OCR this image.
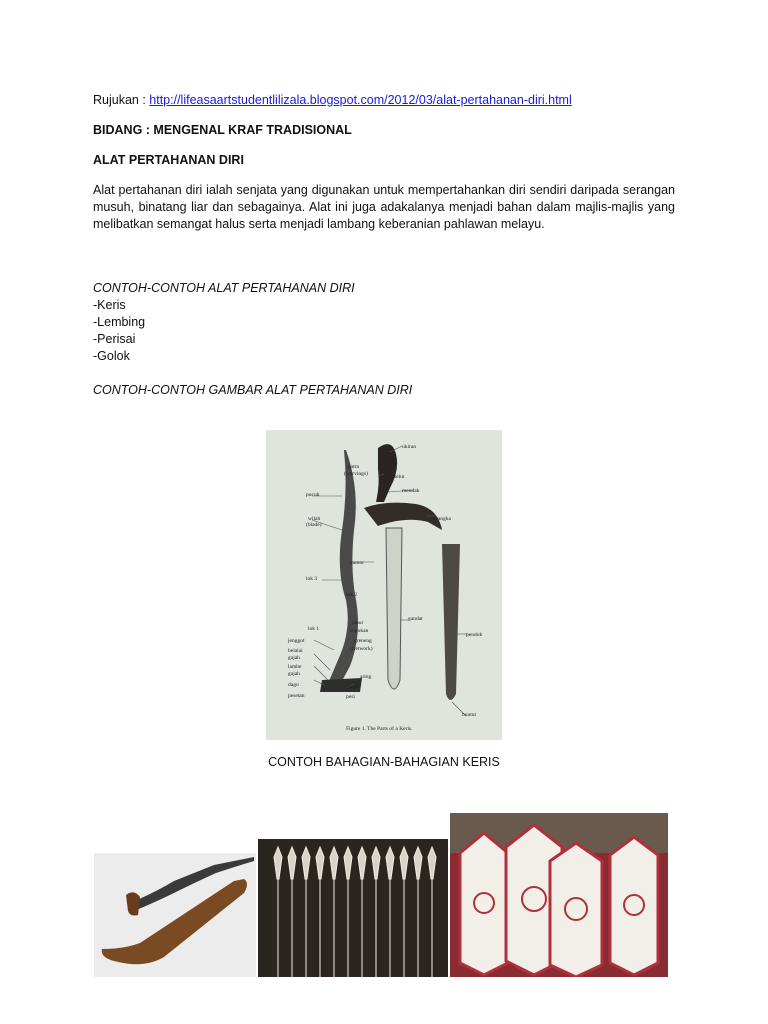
Rujukan : http://lifeasaartstudentlilizala.blogspot.com/2012/03/alat-pertahanan-diri.html
BIDANG : MENGENAL KRAF TRADISIONAL
ALAT PERTAHANAN DIRI
Alat pertahanan diri ialah senjata yang digunakan untuk mempertahankan diri sendiri daripada serangan musuh, binatang liar dan sebagainya. Alat ini juga adakalanya menjadi bahan dalam majlis-majlis yang melibatkan semangat halus serta menjadi lambang keberanian pahlawan melayu.
CONTOH-CONTOH ALAT PERTAHANAN DIRI
-Keris
-Lembing
-Perisai
-Golok
CONTOH-CONTOH GAMBAR ALAT PERTAHANAN DIRI
ukiran
patra
(warvings)	selut
mendak
pucuk
wilah
(blade)
wrangka
lok 3
pamor
lok 2
gandar
pendok
lok 1
jenggot
belalai
gajah
lambe
gajah
dagu
pesetan
janur
sogokan
greneng
(fretwork)
aring
ganja
pesi
buntut
Figure 1. The Parts of a Keris.
CONTOH BAHAGIAN-BAHAGIAN KERIS
